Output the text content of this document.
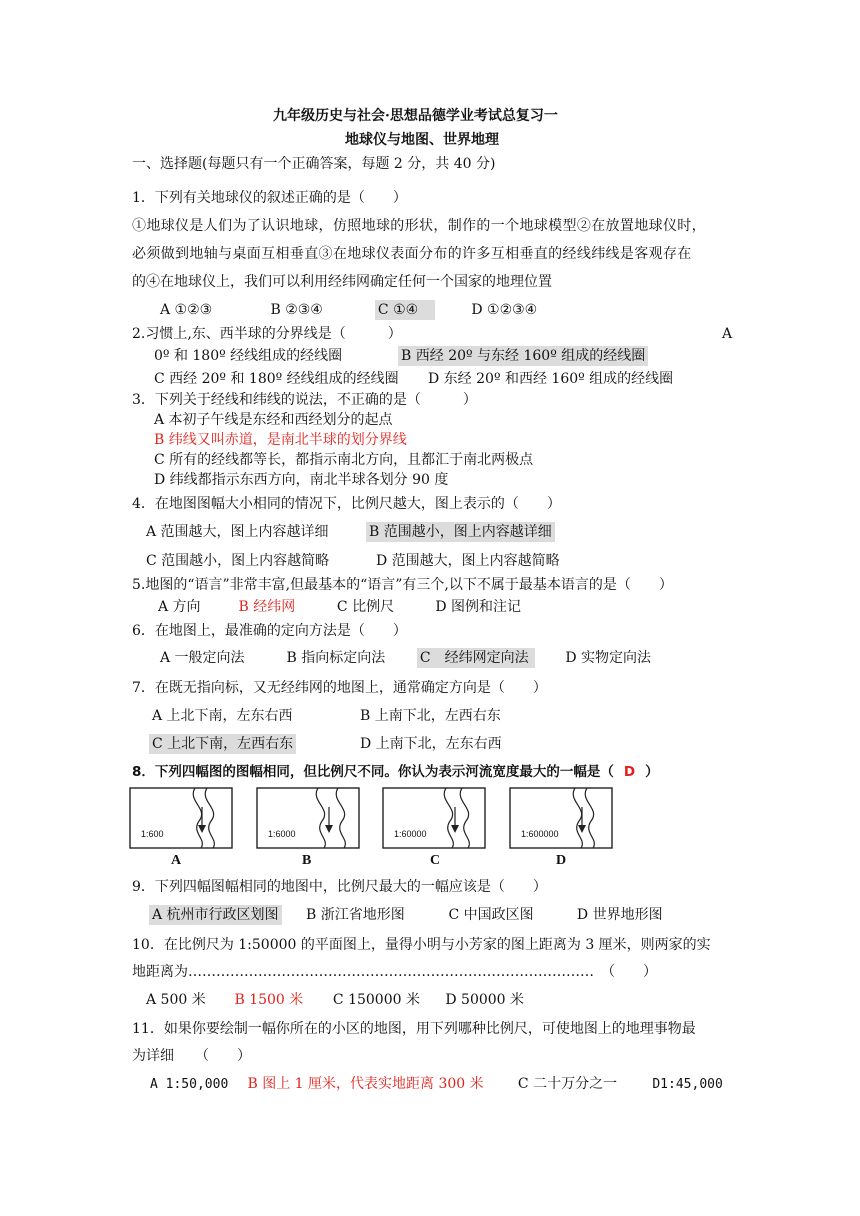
九年级历史与社会·思想品德学业考试总复习一
地球仪与地图、世界地理
一、选择题(每题只有一个正确答案，每题 2 分，共 40 分)
1．下列有关地球仪的叙述正确的是（　　）
①地球仪是人们为了认识地球，仿照地球的形状，制作的一个地球模型②在放置地球仪时，
必须做到地轴与桌面互相垂直③在地球仪表面分布的许多互相垂直的经线纬线是客观存在
的④在地球仪上，我们可以利用经纬网确定任何一个国家的地理位置
A ①②③	B ②③④	C ①④	D ①②③④
2.习惯上,东、西半球的分界线是（　　　）	A
0º 和 180º 经线组成的经线圈	B 西经 20º 与东经 160º 组成的经线圈
C 西经 20º 和 180º 经线组成的经线圈 D 东经 20º 和西经 160º 组成的经线圈
3．下列关于经线和纬线的说法，不正确的是（　　　）
A 本初子午线是东经和西经划分的起点
B 纬线又叫赤道，是南北半球的划分界线
C 所有的经线都等长，都指示南北方向，且都汇于南北两极点
D 纬线都指示东西方向，南北半球各划分 90 度
4．在地图图幅大小相同的情况下，比例尺越大，图上表示的（　　）
A 范围越大，图上内容越详细	B 范围越小，图上内容越详细
C 范围越小，图上内容越简略	D 范围越大，图上内容越简略
5.地图的“语言”非常丰富,但最基本的“语言”有三个,以下不属于最基本语言的是（　　）
A 方向	B 经纬网	C 比例尺	D 图例和注记
6．在地图上，最准确的定向方法是（　　）
A 一般定向法	B 指向标定向法 C　经纬网定向法	D 实物定向法
7．在既无指向标，又无经纬网的地图上，通常确定方向是（　　）
A 上北下南，左东右西	B 上南下北，左西右东
C 上北下南，左西右东	D 上南下北，左东右西
8．下列四幅图的图幅相同，但比例尺不同。你认为表示河流宽度最大的一幅是（ D ）
1:600
A
1:6000
B
1:60000
C
1:600000
D
9．下列四幅图幅相同的地图中，比例尺最大的一幅应该是（　　）
A 杭州市行政区划图 B 浙江省地形图	C 中国政区图	D 世界地形图
10．在比例尺为 1:50000 的平面图上，量得小明与小芳家的图上距离为 3 厘米，则两家的实
地距离为……………………………………………………………………………　（　　）
A 500 米 B 1500 米 C 150000 米 D 50000 米
11．如果你要绘制一幅你所在的小区的地图，用下列哪种比例尺，可使地图上的地理事物最
为详细　　（　　）
A 1:50,000 B 图上 1 厘米，代表实地距离 300 米 C 二十万分之一	D1:45,000
